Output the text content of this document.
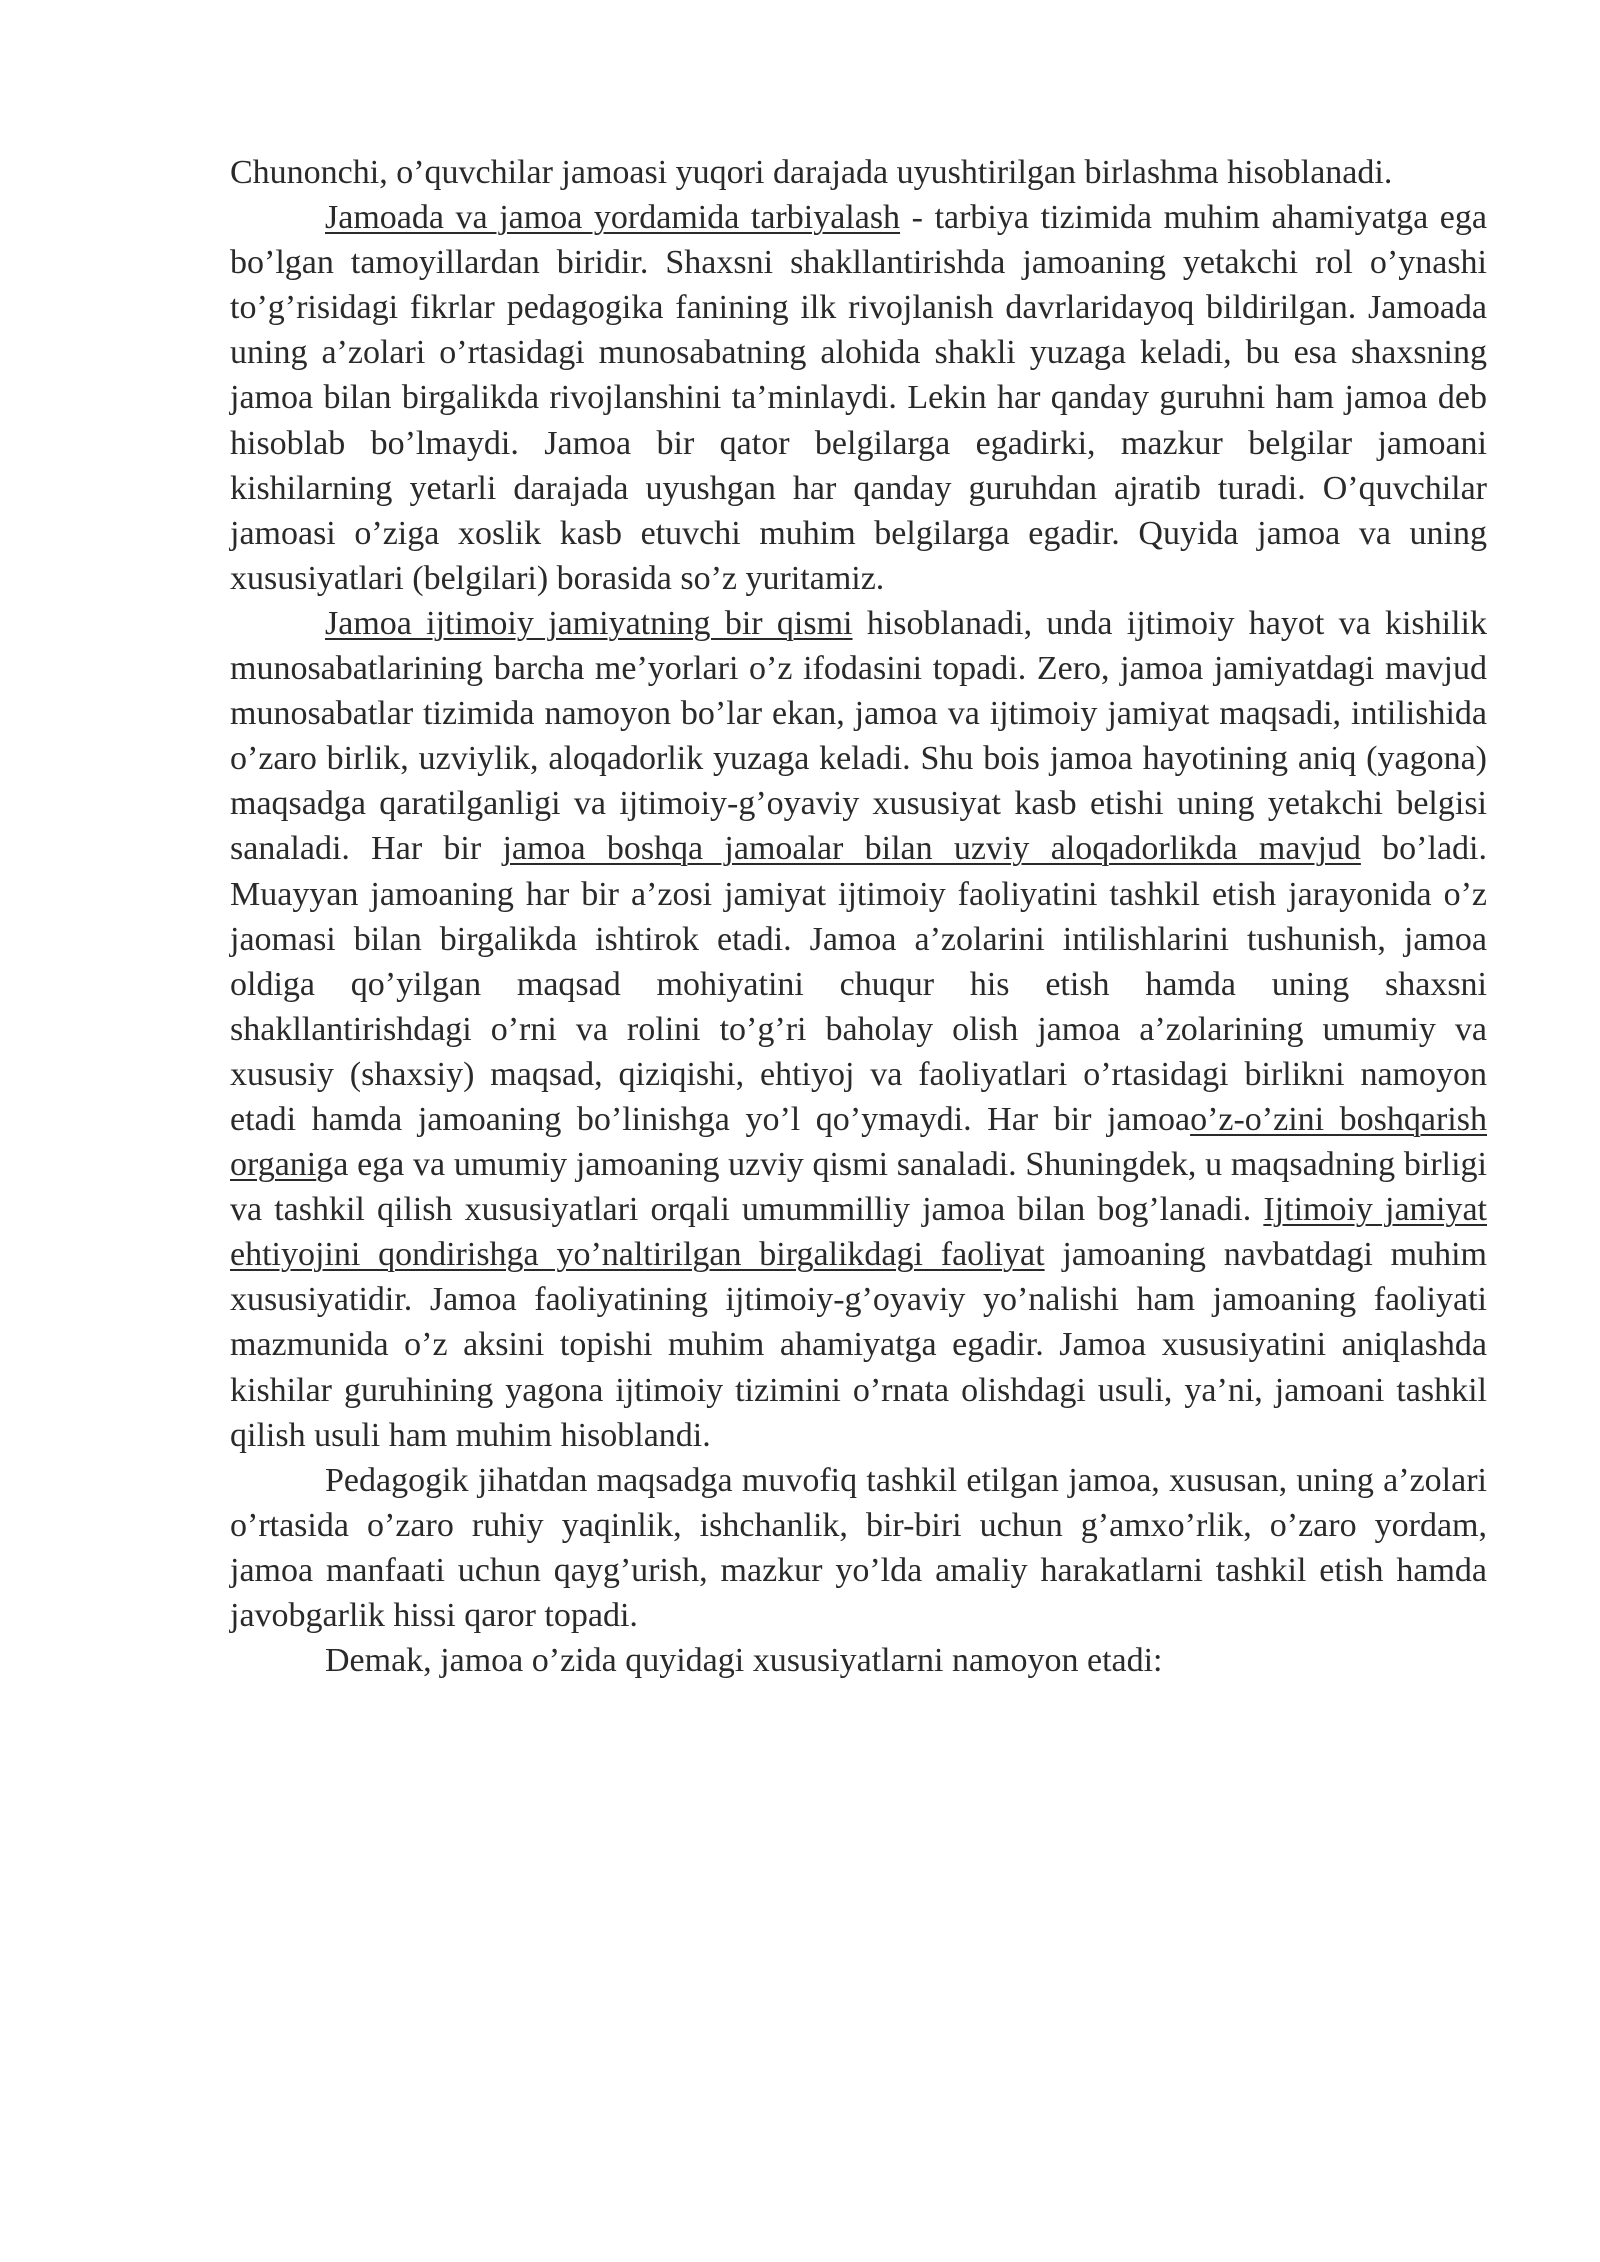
Chunonchi, o’quvchilar jamoasi yuqori darajada uyushtirilgan birlashma hisoblanadi.

Jamoada va jamoa yordamida tarbiyalash - tarbiya tizimida muhim ahamiyatga ega bo’lgan tamoyillardan biridir. Shaxsni shakllantirishda jamoaning yetakchi rol o’ynashi to’g’risidagi fikrlar pedagogika fanining ilk rivojlanish davrlaridayoq bildirilgan. Jamoada uning a’zolari o’rtasidagi munosabatning alohida shakli yuzaga keladi, bu esa shaxsning jamoa bilan birgalikda rivojlanshini ta’minlaydi. Lekin har qanday guruhni ham jamoa deb hisoblab bo’lmaydi. Jamoa bir qator belgilarga egadirki, mazkur belgilar jamoani kishilarning yetarli darajada uyushgan har qanday guruhdan ajratib turadi. O’quvchilar jamoasi o’ziga xoslik kasb etuvchi muhim belgilarga egadir. Quyida jamoa va uning xususiyatlari (belgilari) borasida so’z yuritamiz.

Jamoa ijtimoiy jamiyatning bir qismi hisoblanadi, unda ijtimoiy hayot va kishilik munosabatlarining barcha me’yorlari o’z ifodasini topadi. Zero, jamoa jamiyatdagi mavjud munosabatlar tizimida namoyon bo’lar ekan, jamoa va ijtimoiy jamiyat maqsadi, intilishida o’zaro birlik, uzviylik, aloqadorlik yuzaga keladi. Shu bois jamoa hayotining aniq (yagona) maqsadga qaratilganligi va ijtimoiy-g’oyaviy xususiyat kasb etishi uning yetakchi belgisi sanaladi. Har bir jamoa boshqa jamoalar bilan uzviy aloqadorlikda mavjud bo’ladi. Muayyan jamoaning har bir a’zosi jamiyat ijtimoiy faoliyatini tashkil etish jarayonida o’z jaomasi bilan birgalikda ishtirok etadi. Jamoa a’zolarini intilishlarini tushunish, jamoa oldiga qo’yilgan maqsad mohiyatini chuqur his etish hamda uning shaxsni shakllantirishdagi o’rni va rolini to’g’ri baholay olish jamoa a’zolarining umumiy va xususiy (shaxsiy) maqsad, qiziqishi, ehtiyoj va faoliyatlari o’rtasidagi birlikni namoyon etadi hamda jamoaning bo’linishga yo’l qo’ymaydi. Har bir jamoao’z-o’zini boshqarish organiga ega va umumiy jamoaning uzviy qismi sanaladi. Shuningdek, u maqsadning birligi va tashkil qilish xususiyatlari orqali umummilliy jamoa bilan bog’lanadi. Ijtimoiy jamiyat ehtiyojini qondirishga yo’naltirilgan birgalikdagi faoliyat jamoaning navbatdagi muhim xususiyatidir. Jamoa faoliyatining ijtimoiy-g’oyaviy yo’nalishi ham jamoaning faoliyati mazmunida o’z aksini topishi muhim ahamiyatga egadir. Jamoa xususiyatini aniqlashda kishilar guruhining yagona ijtimoiy tizimini o’rnata olishdagi usuli, ya’ni, jamoani tashkil qilish usuli ham muhim hisoblandi.

Pedagogik jihatdan maqsadga muvofiq tashkil etilgan jamoa, xususan, uning a’zolari o’rtasida o’zaro ruhiy yaqinlik, ishchanlik, bir-biri uchun g’amxo’rlik, o’zaro yordam, jamoa manfaati uchun qayg’urish, mazkur yo’lda amaliy harakatlarni tashkil etish hamda javobgarlik hissi qaror topadi.

Demak, jamoa o’zida quyidagi xususiyatlarni namoyon etadi:
